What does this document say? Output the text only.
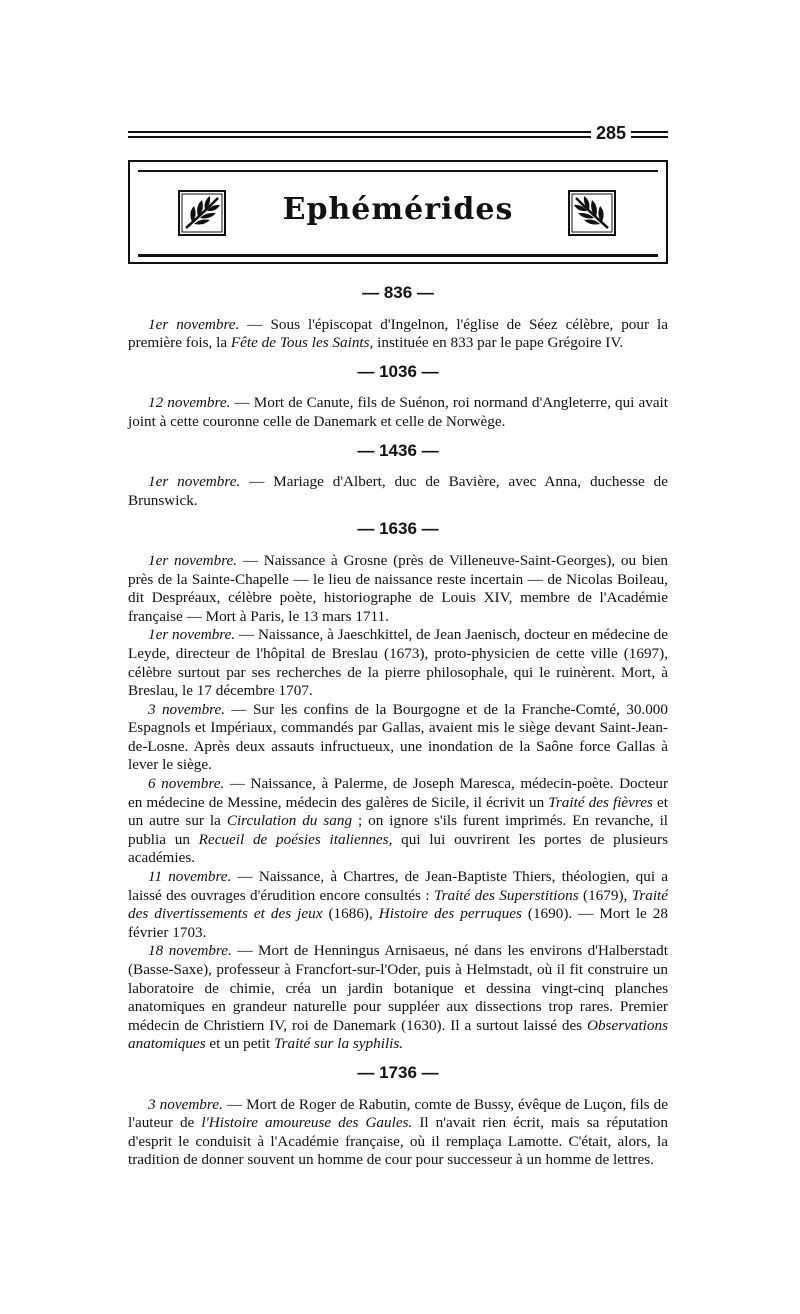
285
Ephémérides
— 836 —

1er novembre. — Sous l'épiscopat d'Ingelnon, l'église de Séez célèbre, pour la première fois, la Fête de Tous les Saints, instituée en 833 par le pape Grégoire IV.

— 1036 —

12 novembre. — Mort de Canute, fils de Suénon, roi normand d'Angleterre, qui avait joint à cette couronne celle de Danemark et celle de Norwège.

— 1436 —

1er novembre. — Mariage d'Albert, duc de Bavière, avec Anna, duchesse de Brunswick.

— 1636 —

1er novembre. — Naissance à Grosne (près de Villeneuve-Saint-Georges), ou bien près de la Sainte-Chapelle — le lieu de naissance reste incertain — de Nicolas Boileau, dit Despréaux, célèbre poète, historiographe de Louis XIV, membre de l'Académie française — Mort à Paris, le 13 mars 1711.

1er novembre. — Naissance, à Jaeschkittel, de Jean Jaenisch, docteur en médecine de Leyde, directeur de l'hôpital de Breslau (1673), proto-physicien de cette ville (1697), célèbre surtout par ses recherches de la pierre philosophale, qui le ruinèrent. Mort, à Breslau, le 17 décembre 1707.

3 novembre. — Sur les confins de la Bourgogne et de la Franche-Comté, 30.000 Espagnols et Impériaux, commandés par Gallas, avaient mis le siège devant Saint-Jean-de-Losne. Après deux assauts infructueux, une inondation de la Saône force Gallas à lever le siège.

6 novembre. — Naissance, à Palerme, de Joseph Maresca, médecin-poète. Docteur en médecine de Messine, médecin des galères de Sicile, il écrivit un Traité des fièvres et un autre sur la Circulation du sang ; on ignore s'ils furent imprimés. En revanche, il publia un Recueil de poésies italiennes, qui lui ouvrirent les portes de plusieurs académies.

11 novembre. — Naissance, à Chartres, de Jean-Baptiste Thiers, théologien, qui a laissé des ouvrages d'érudition encore consultés : Traité des Superstitions (1679), Traité des divertissements et des jeux (1686), Histoire des perruques (1690). — Mort le 28 février 1703.

18 novembre. — Mort de Henningus Arnisaeus, né dans les environs d'Halberstadt (Basse-Saxe), professeur à Francfort-sur-l'Oder, puis à Helmstadt, où il fit construire un laboratoire de chimie, créa un jardin botanique et dessina vingt-cinq planches anatomiques en grandeur naturelle pour suppléer aux dissections trop rares. Premier médecin de Christiern IV, roi de Danemark (1630). Il a surtout laissé des Observations anatomiques et un petit Traité sur la syphilis.

— 1736 —

3 novembre. — Mort de Roger de Rabutin, comte de Bussy, évêque de Luçon, fils de l'auteur de l'Histoire amoureuse des Gaules. Il n'avait rien écrit, mais sa réputation d'esprit le conduisit à l'Académie française, où il remplaça Lamotte. C'était, alors, la tradition de donner souvent un homme de cour pour successeur à un homme de lettres.
